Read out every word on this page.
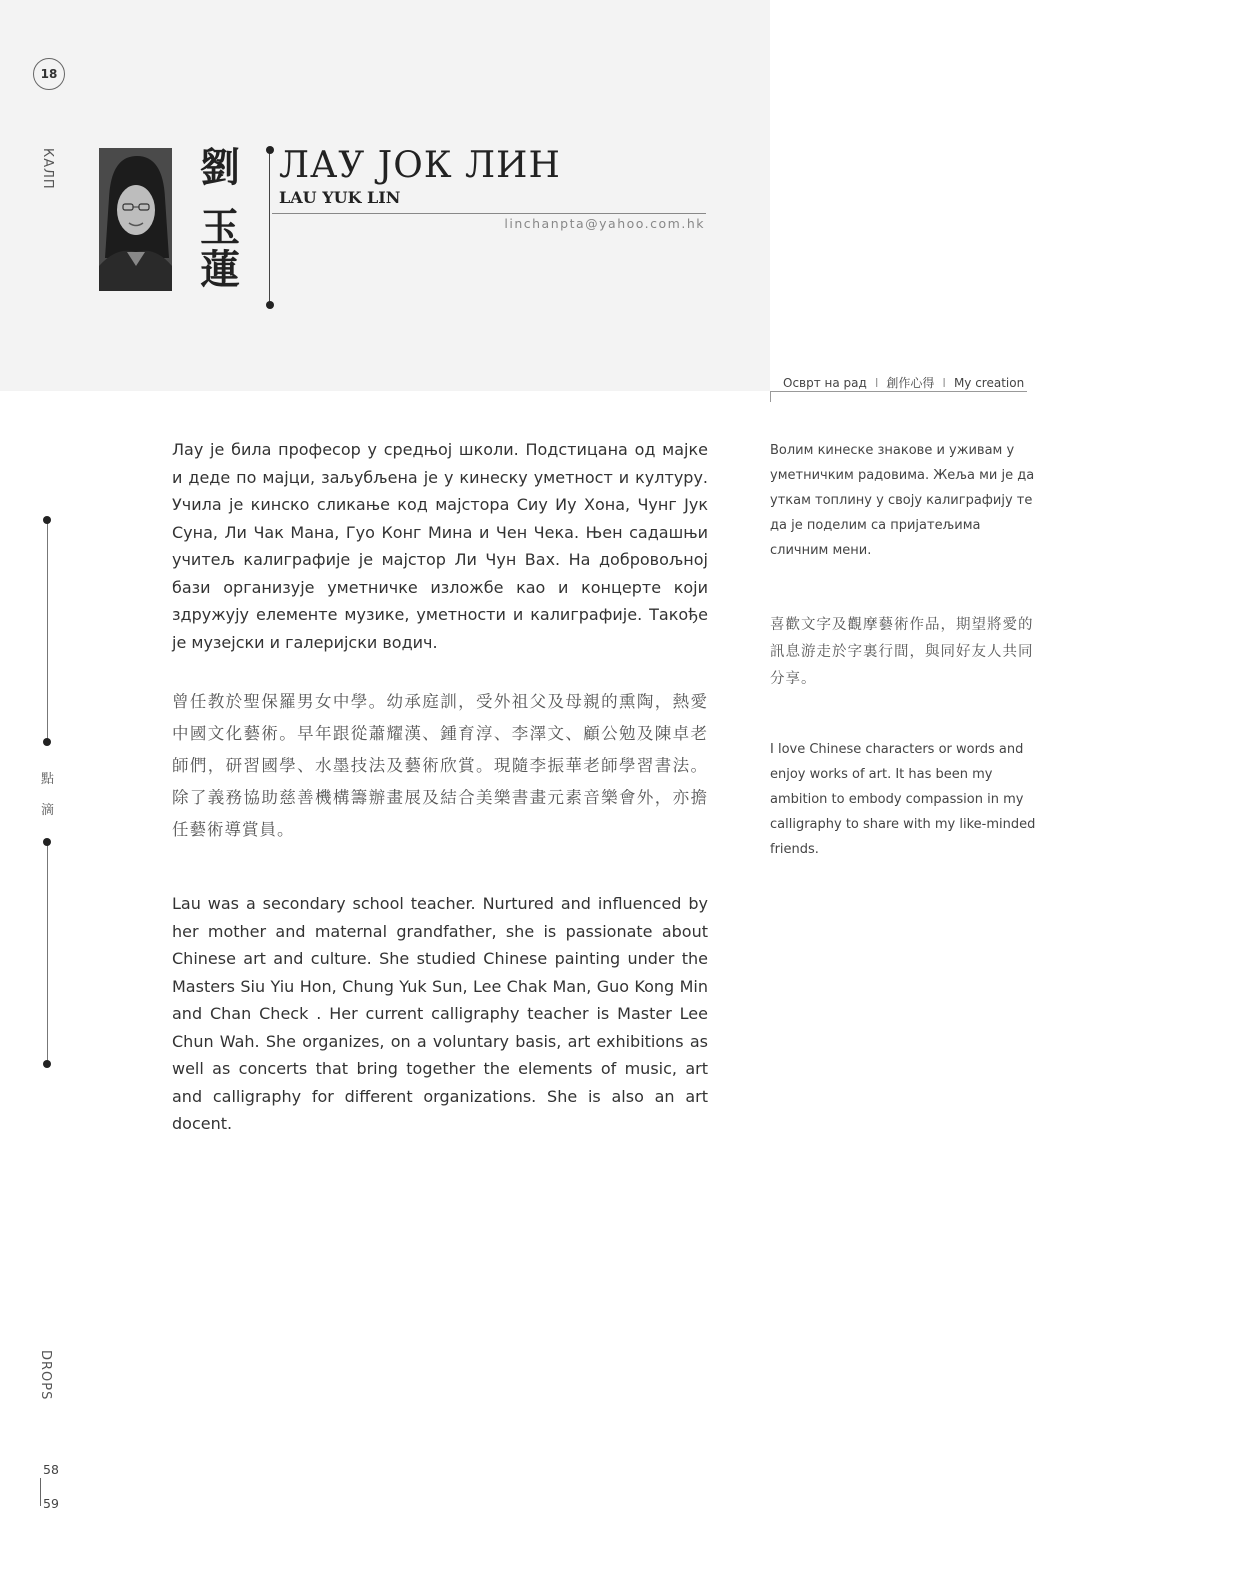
18
КАЛП
點
滴
DROPS
劉
玉
蓮
ЛАУ ЈОК ЛИН
LAU YUK LIN
linchanpta@yahoo.com.hk
Осврт на рад I 創作心得 I My creation
Лау је била професор у средњој школи. Подстицана од мајке и деде по мајци, заљубљена је у кинеску уметност и културу. Учила је кинско сликање код мајстора Сиу Иу Хона, Чунг Јук Суна, Ли Чак Мана, Гуо Конг Мина и Чен Чека. Њен садашњи учитељ калиграфије је мајстор Ли Чун Вах. На добровољној бази организује уметничке изложбе као и концерте који здружују елементе музике, уметности и калиграфије. Такође је музејски и галеријски водич.
曾任教於聖保羅男女中學。幼承庭訓，受外祖父及母親的熏陶，熱愛中國文化藝術。早年跟從蕭耀漢、鍾育淳、李澤文、顧公勉及陳卓老師們，研習國學、水墨技法及藝術欣賞。現隨李振華老師學習書法。除了義務協助慈善機構籌辦畫展及結合美樂書畫元素音樂會外，亦擔任藝術導賞員。
Lau was a secondary school teacher. Nurtured and influenced by her mother and maternal grandfather, she is passionate about Chinese art and culture. She studied Chinese painting under the Masters Siu Yiu Hon, Chung Yuk Sun, Lee Chak Man, Guo Kong Min and Chan Check . Her current calligraphy teacher is Master Lee Chun Wah. She organizes, on a voluntary basis, art exhibitions as well as concerts that bring together the elements of music, art and calligraphy for different organizations. She is also an art docent.
Волим кинеске знакове и уживам у уметничким радовима. Жеља ми је да уткам топлину у своју калиграфију те да је поделим са пријатељима сличним мени.
喜歡文字及觀摩藝術作品，期望將愛的訊息游走於字裏行間，與同好友人共同分享。
I love Chinese characters or words and enjoy works of art. It has been my ambition to embody compassion in my calligraphy to share with my like-minded friends.
58
59
